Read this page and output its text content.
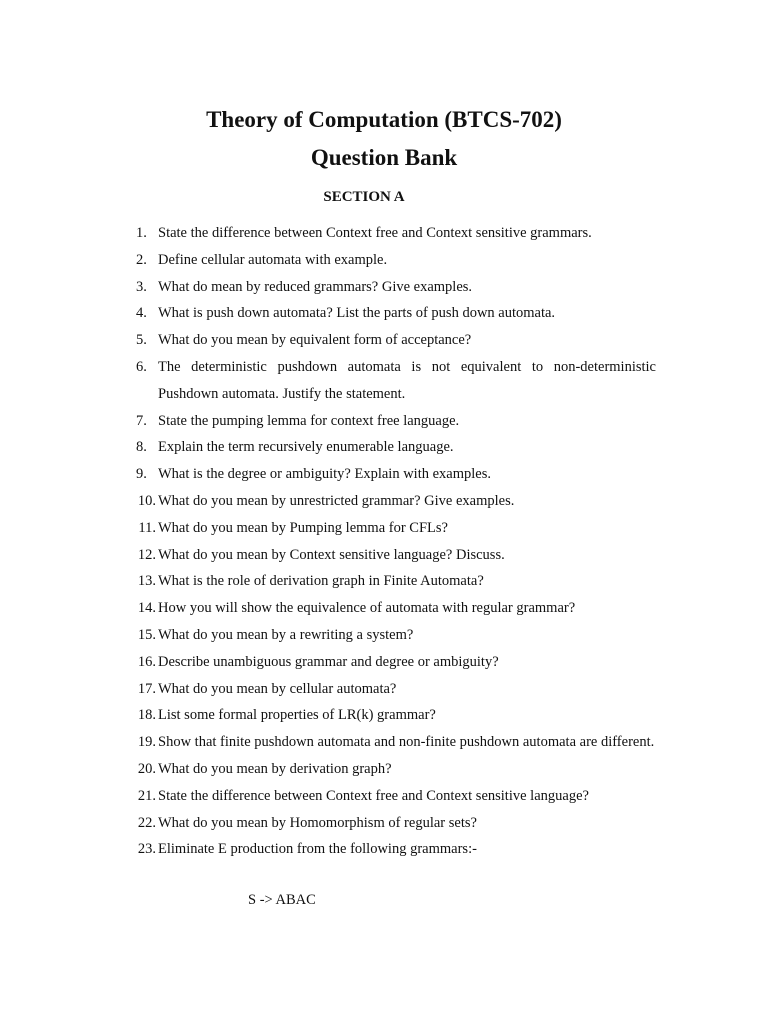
Theory of Computation (BTCS-702)
Question Bank
SECTION A
1. State the difference between Context free and Context sensitive grammars.
2. Define cellular automata with example.
3. What do mean by reduced grammars? Give examples.
4. What is push down automata? List the parts of push down automata.
5. What do you mean by equivalent form of acceptance?
6. The deterministic pushdown automata is not equivalent to non-deterministic Pushdown automata. Justify the statement.
7. State the pumping lemma for context free language.
8. Explain the term recursively enumerable language.
9. What is the degree or ambiguity? Explain with examples.
10. What do you mean by unrestricted grammar? Give examples.
11. What do you mean by Pumping lemma for CFLs?
12. What do you mean by Context sensitive language? Discuss.
13. What is the role of derivation graph in Finite Automata?
14. How you will show the equivalence of automata with regular grammar?
15. What do you mean by a rewriting a system?
16. Describe unambiguous grammar and degree or ambiguity?
17. What do you mean by cellular automata?
18. List some formal properties of LR(k) grammar?
19. Show that finite pushdown automata and non-finite pushdown automata are different.
20. What do you mean by derivation graph?
21. State the difference between Context free and Context sensitive language?
22. What do you mean by Homomorphism of regular sets?
23. Eliminate E production from the following grammars:-
S -> ABAC
